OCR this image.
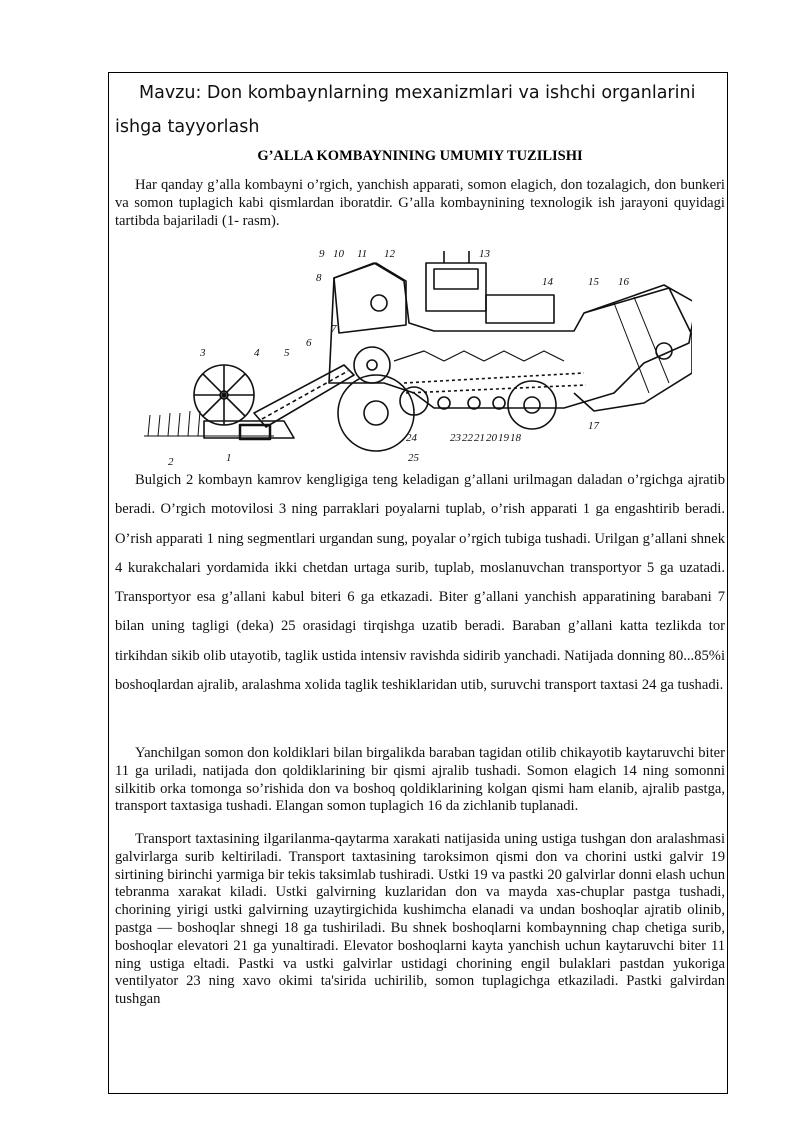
Mavzu: Don kombaynlarning mexanizmlari va ishchi organlarini ishga tayyorlash

G’ALLA KOMBAYNINING UMUMIY TUZILISHI

Har qanday g’alla kombayni o’rgich, yanchish apparati, somon elagich, don tozalagich, don bunkeri va somon tuplagich kabi qismlardan iboratdir. G’alla kombaynining texnologik ish jarayoni quyidagi tartibda bajariladi (1- rasm).

1
2
3	4 5
6
7
8
9 10 11 12	13
14	15 16
17
18
19
20
21
22
23
24
25

Bulgich 2 kombayn kamrov kengligiga teng keladigan g’allani urilmagan daladan o’rgichga ajratib beradi. O’rgich motovilosi 3 ning parraklari poyalarni tuplab, o’rish apparati 1 ga engashtirib beradi. O’rish apparati 1 ning segmentlari urgandan sung, poyalar o’rgich tubiga tushadi. Urilgan g’allani shnek 4 kurakchalari yordamida ikki chetdan urtaga surib, tuplab, moslanuvchan transportyor 5 ga uzatadi. Transportyor esa g’allani kabul biteri 6 ga etkazadi. Biter g’allani yanchish apparatining barabani 7 bilan uning tagligi (deka) 25 orasidagi tirqishga uzatib beradi. Baraban g’allani katta tezlikda tor tirkihdan sikib olib utayotib, taglik ustida intensiv ravishda sidirib yanchadi. Natijada donning 80...85%i boshoqlardan ajralib, aralashma xolida taglik teshiklaridan utib, suruvchi transport taxtasi 24 ga tushadi.

Yanchilgan somon don koldiklari bilan birgalikda baraban tagidan otilib chikayotib kaytaruvchi biter 11 ga uriladi, natijada don qoldiklarining bir qismi ajralib tushadi. Somon elagich 14 ning somonni silkitib orka tomonga so’rishida don va boshoq qoldiklarining kolgan qismi ham elanib, ajralib pastga, transport taxtasiga tushadi. Elangan somon tuplagich 16 da zichlanib tuplanadi.

Transport taxtasining ilgarilanma-qaytarma xarakati natijasida uning ustiga tushgan don aralashmasi galvirlarga surib keltiriladi. Transport taxtasining taroksimon qismi don va chorini ustki galvir 19 sirtining birinchi yarmiga bir tekis taksimlab tushiradi. Ustki 19 va pastki 20 galvirlar donni elash uchun tebranma xarakat kiladi. Ustki galvirning kuzlaridan don va mayda xas-chuplar pastga tushadi, chorining yirigi ustki galvirning uzaytirgichida kushimcha elanadi va undan boshoqlar ajratib olinib, pastga — boshoqlar shnegi 18 ga tushiriladi. Bu shnek boshoqlarni kombaynning chap chetiga surib, boshoqlar elevatori 21 ga yunaltiradi. Elevator boshoqlarni kayta yanchish uchun kaytaruvchi biter 11 ning ustiga eltadi. Pastki va ustki galvirlar ustidagi chorining engil bulaklari pastdan yukoriga ventilyator 23 ning xavo okimi ta'sirida uchirilib, somon tuplagichga etkaziladi. Pastki galvirdan tushgan
